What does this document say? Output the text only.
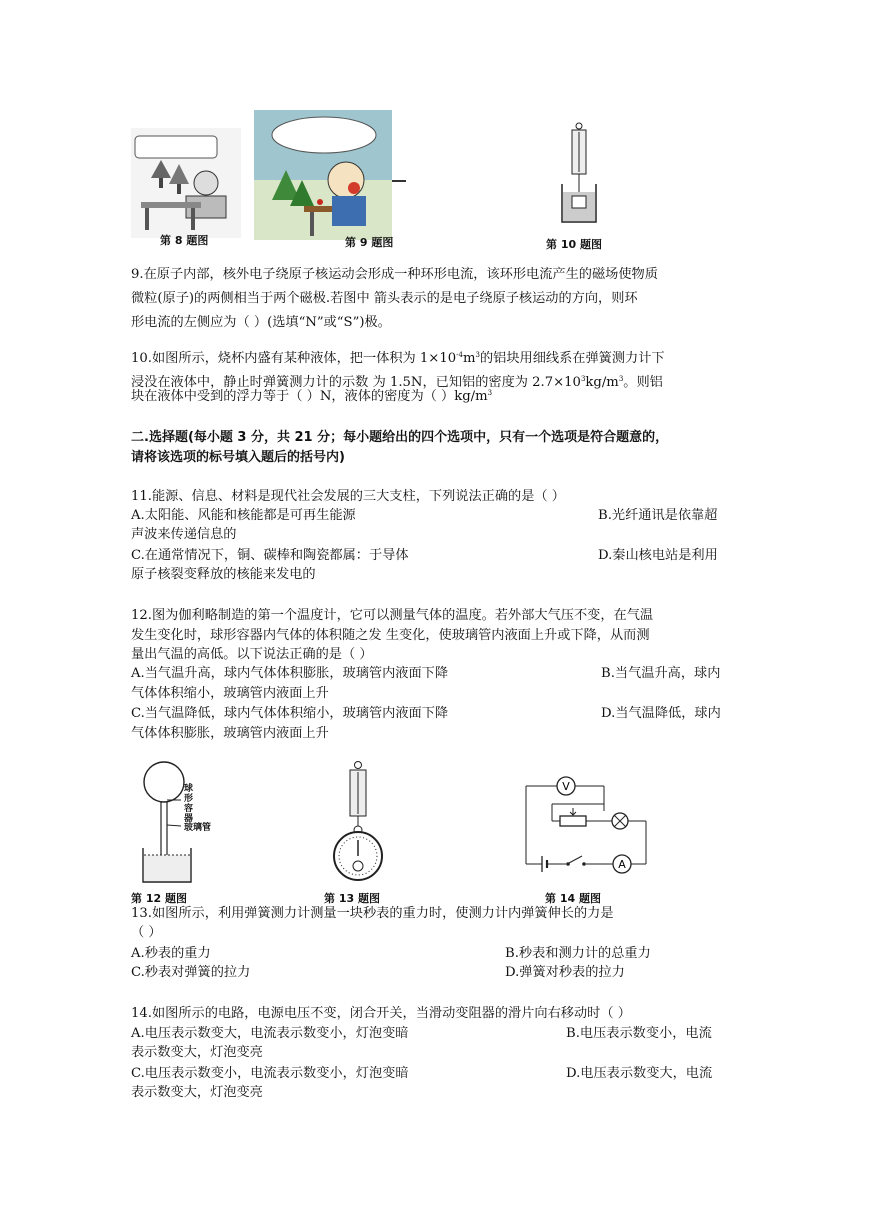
第 8 题图	第 9 题图	第 10 题图
9.在原子内部，核外电子绕原子核运动会形成一种环形电流，该环形电流产生的磁场使物质
微粒(原子)的两侧相当于两个磁极.若图中 箭头表示的是电子绕原子核运动的方向，则环
形电流的左侧应为（ ）(选填“N”或“S”)极。
10.如图所示，烧杯内盛有某种液体，把一体积为 $1\times 10^{-4}m^3$的铝块用细线系在弹簧测力计下
浸没在液体中，静止时弹簧测力计的示数 为 1.5N，已知铝的密度为 $2.7\times 10^3kg/m^3$。则铝
块在液体中受到的浮力等于（ ）N，液体的密度为（ ）$kg/m^3$
二.选择题(每小题 3 分，共 21 分；每小题给出的四个选项中，只有一个选项是符合题意的，
请将该选项的标号填入题后的括号内)
11.能源、信息、材料是现代社会发展的三大支柱，下列说法正确的是（ ）
A.太阳能、风能和核能都是可再生能源	B.光纤通讯是依靠超
声波来传递信息的
C.在通常情况下，铜、碳棒和陶瓷都属：于导体	D.秦山核电站是利用
原子核裂变释放的核能来发电的
12.图为伽利略制造的第一个温度计，它可以测量气体的温度。若外部大气压不变，在气温
发生变化时，球形容器内气体的体积随之发 生变化，使玻璃管内液面上升或下降，从而测
量出气温的高低。以下说法正确的是（ ）
A.当气温升高，球内气体体积膨胀，玻璃管内液面下降	B.当气温升高，球内
气体体积缩小，玻璃管内液面上升
C.当气温降低，球内气体体积缩小，玻璃管内液面下降	D.当气温降低，球内
气体体积膨胀，玻璃管内液面上升
球形容器
玻璃管
第 12 题图	第 13 题图
V
A
第 14 题图
13.如图所示，利用弹簧测力计测量一块秒表的重力时，使测力计内弹簧伸长的力是
（ ）
A.秒表的重力	B.秒表和测力计的总重力
C.秒表对弹簧的拉力	D.弹簧对秒表的拉力
14.如图所示的电路，电源电压不变，闭合开关，当滑动变阻器的滑片向右移动时（ ）
A.电压表示数变大，电流表示数变小，灯泡变暗	B.电压表示数变小，电流
表示数变大，灯泡变亮
C.电压表示数变小，电流表示数变小，灯泡变暗	D.电压表示数变大，电流
表示数变大，灯泡变亮
